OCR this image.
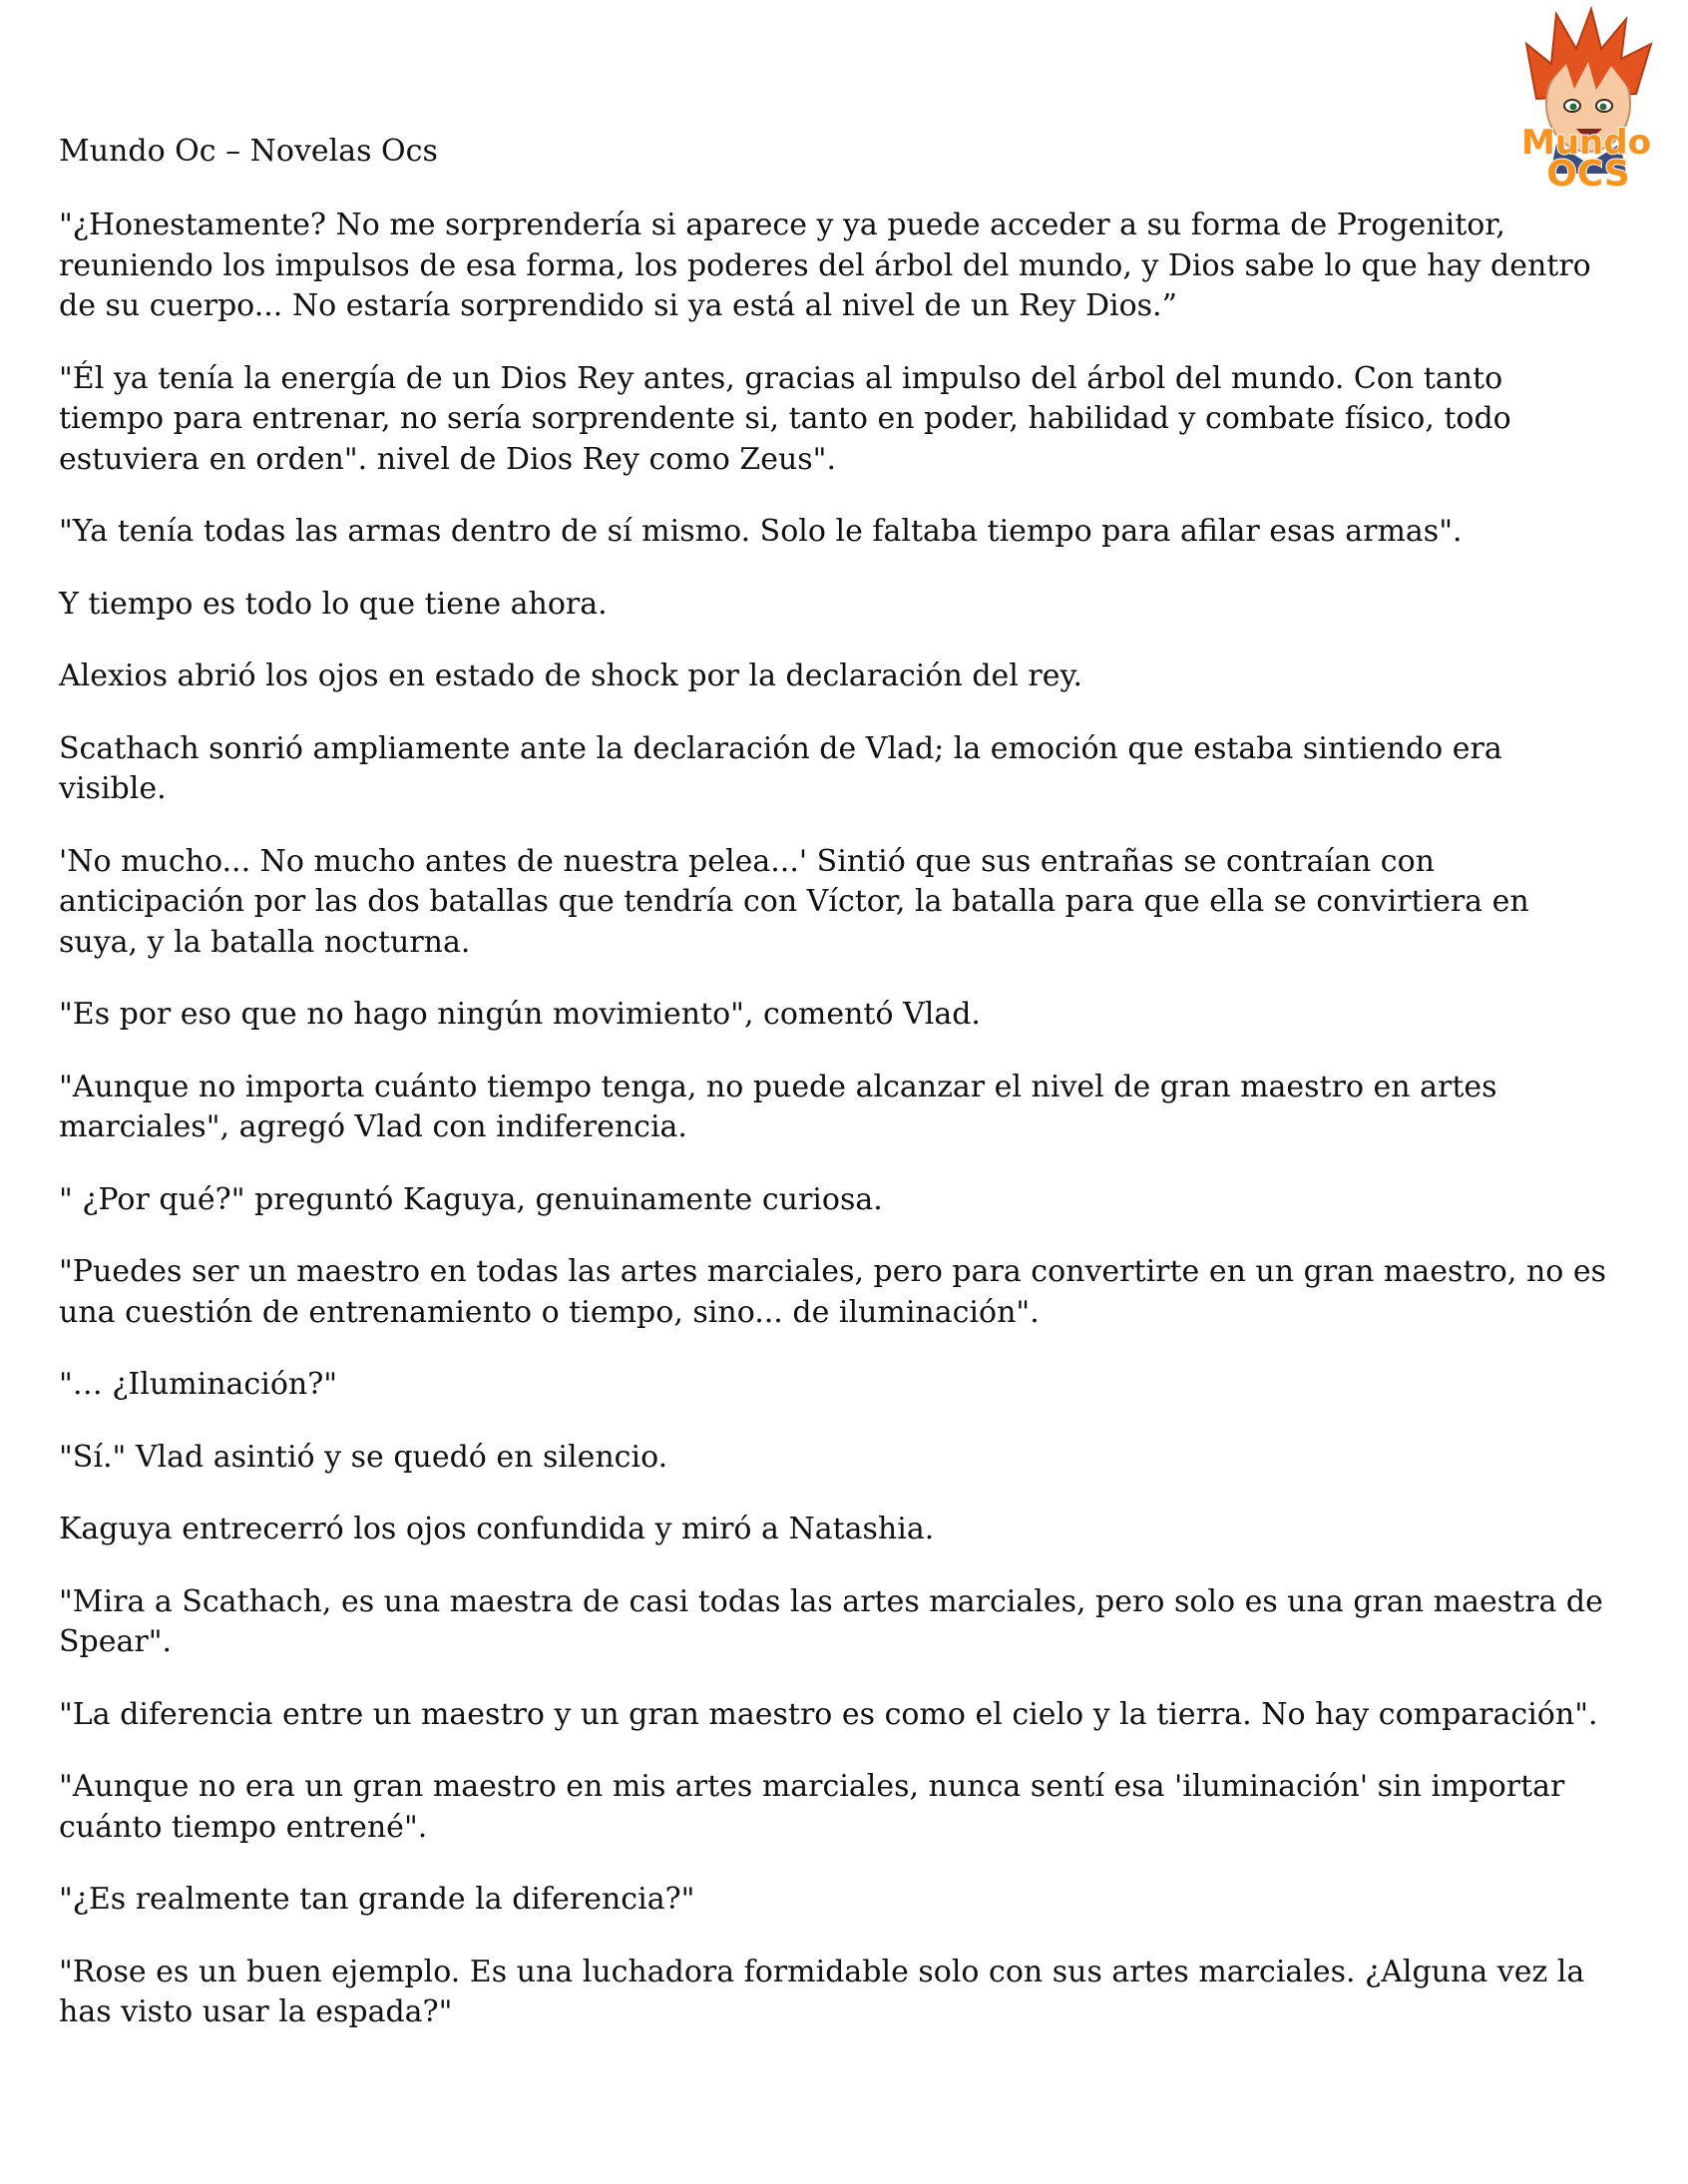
Mundo Oc – Novelas Ocs	Mundo
OCS

"¿Honestamente? No me sorprendería si aparece y ya puede acceder a su forma de Progenitor, reuniendo los impulsos de esa forma, los poderes del árbol del mundo, y Dios sabe lo que hay dentro de su cuerpo... No estaría sorprendido si ya está al nivel de un Rey Dios.”

"Él ya tenía la energía de un Dios Rey antes, gracias al impulso del árbol del mundo. Con tanto tiempo para entrenar, no sería sorprendente si, tanto en poder, habilidad y combate físico, todo estuviera en orden". nivel de Dios Rey como Zeus".

"Ya tenía todas las armas dentro de sí mismo. Solo le faltaba tiempo para afilar esas armas".

Y tiempo es todo lo que tiene ahora.

Alexios abrió los ojos en estado de shock por la declaración del rey.

Scathach sonrió ampliamente ante la declaración de Vlad; la emoción que estaba sintiendo era visible.

'No mucho... No mucho antes de nuestra pelea...' Sintió que sus entrañas se contraían con anticipación por las dos batallas que tendría con Víctor, la batalla para que ella se convirtiera en suya, y la batalla nocturna.

"Es por eso que no hago ningún movimiento", comentó Vlad.

"Aunque no importa cuánto tiempo tenga, no puede alcanzar el nivel de gran maestro en artes marciales", agregó Vlad con indiferencia.

" ¿Por qué?" preguntó Kaguya, genuinamente curiosa.

"Puedes ser un maestro en todas las artes marciales, pero para convertirte en un gran maestro, no es una cuestión de entrenamiento o tiempo, sino... de iluminación".

"… ¿Iluminación?"

"Sí." Vlad asintió y se quedó en silencio.

Kaguya entrecerró los ojos confundida y miró a Natashia.

"Mira a Scathach, es una maestra de casi todas las artes marciales, pero solo es una gran maestra de Spear".

"La diferencia entre un maestro y un gran maestro es como el cielo y la tierra. No hay comparación".

"Aunque no era un gran maestro en mis artes marciales, nunca sentí esa 'iluminación' sin importar cuánto tiempo entrené".

"¿Es realmente tan grande la diferencia?"

"Rose es un buen ejemplo. Es una luchadora formidable solo con sus artes marciales. ¿Alguna vez la has visto usar la espada?"
